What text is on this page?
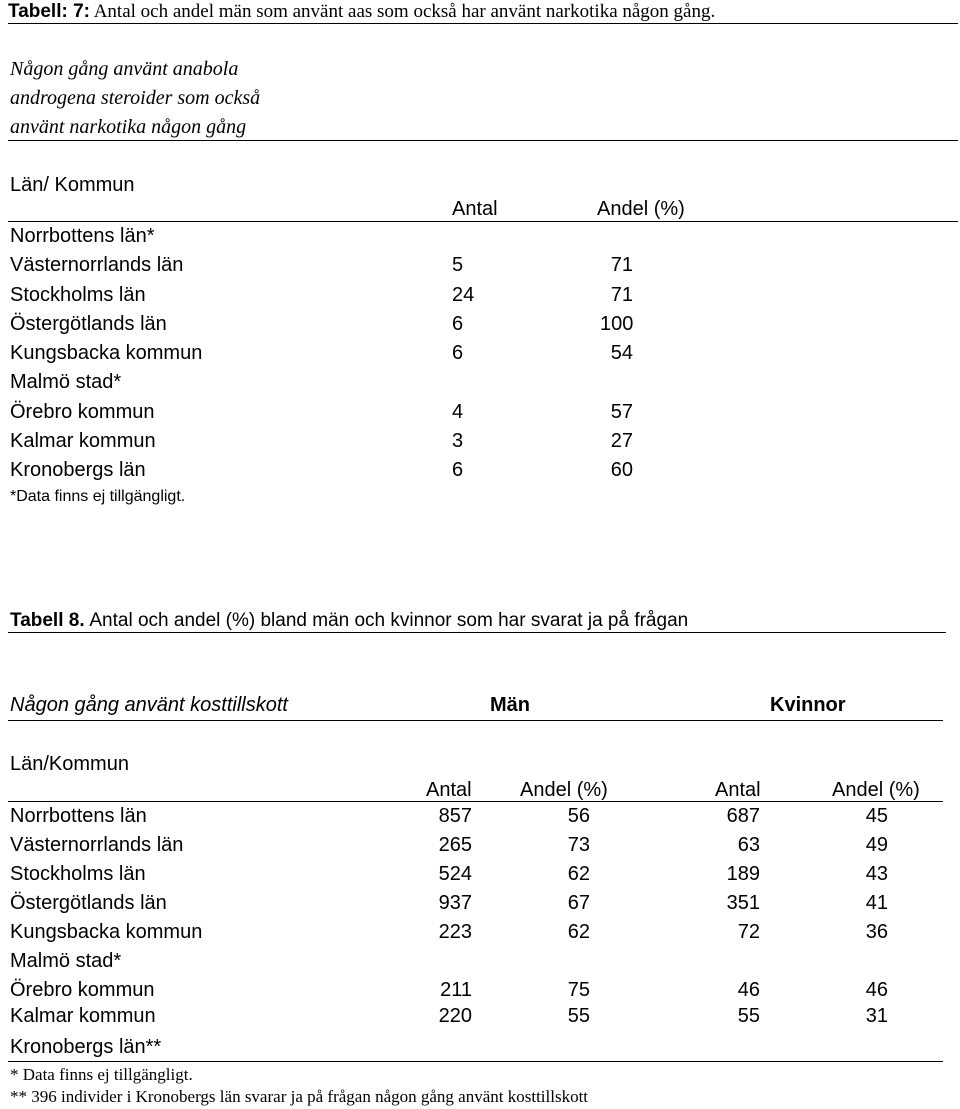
Tabell: 7: Antal och andel män som använt aas som också har använt narkotika någon gång.
Någon gång använt anabola
androgena steroider som också
använt narkotika någon gång
Län/ Kommun
Antal	Andel (%)
Norrbottens län*
Västernorrlands län	5	71
Stockholms län	24	71
Östergötlands län	6	100
Kungsbacka kommun	6	54
Malmö stad*
Örebro kommun	4	57
Kalmar kommun	3	27
Kronobergs län	6	60
*Data finns ej tillgängligt.
Tabell 8. Antal och andel (%) bland män och kvinnor som har svarat ja på frågan
Någon gång använt kosttillskott	Män	Kvinnor
Län/Kommun
Antal Andel (%)	Antal	Andel (%)
Norrbottens län	857	56	687	45
Västernorrlands län	265	73	63	49
Stockholms län	524	62	189	43
Östergötlands län	937	67	351	41
Kungsbacka kommun	223	62	72	36
Malmö stad*
Örebro kommun	211	75	46	46
Kalmar kommun	220	55	55	31
Kronobergs län**
* Data finns ej tillgängligt.
** 396 individer i Kronobergs län svarar ja på frågan någon gång använt kosttillskott
